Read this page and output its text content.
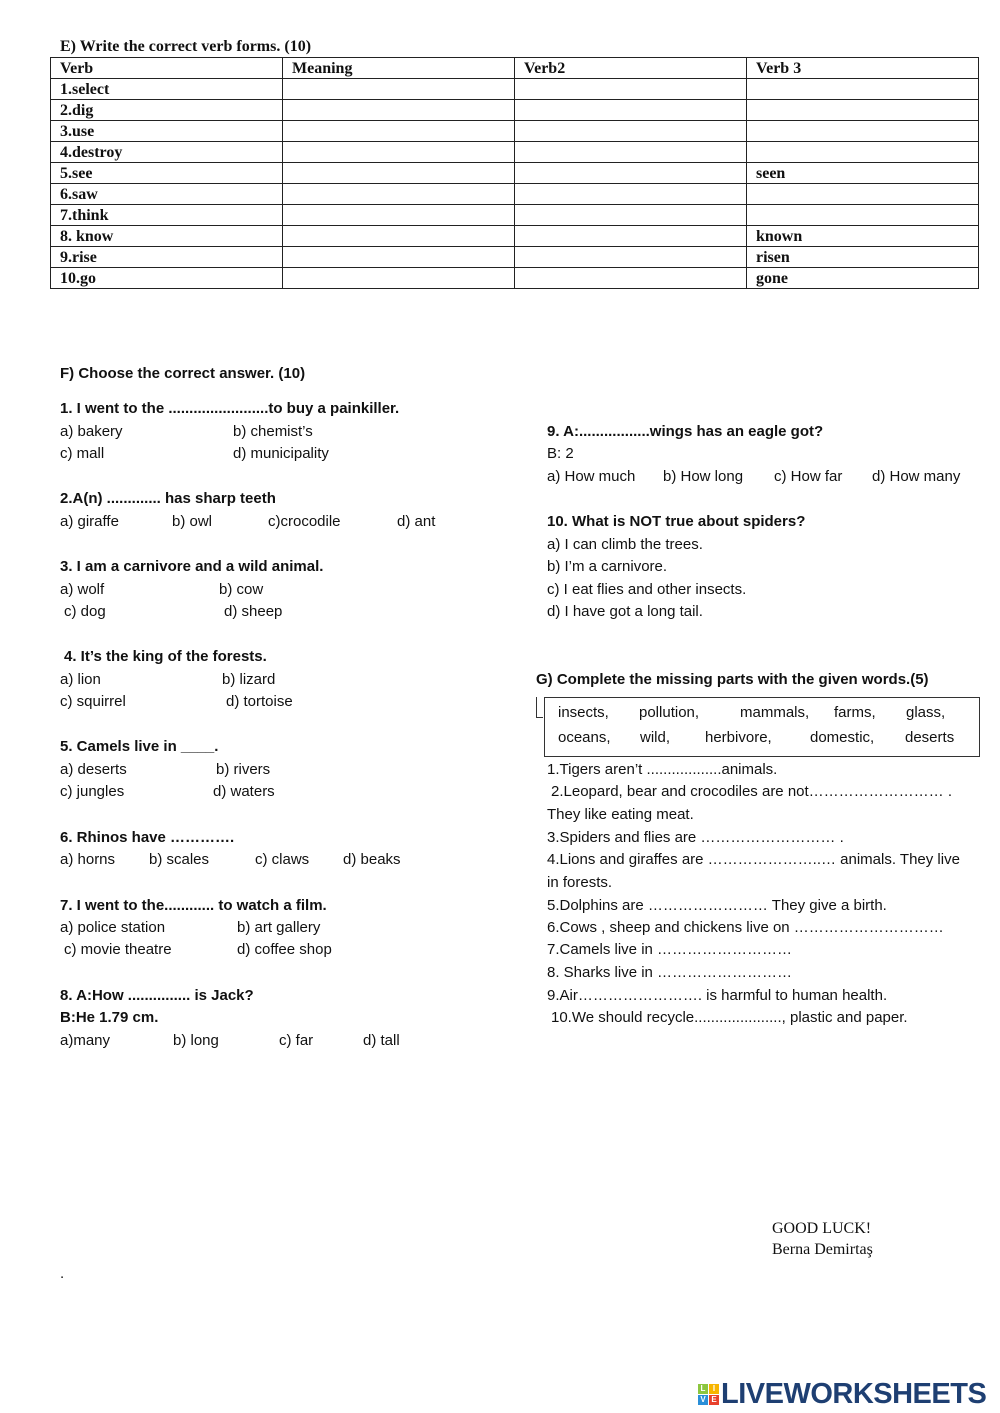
E) Write the correct verb forms. (10)
Verb	Meaning	Verb2	Verb 3
1.select			
2.dig			
3.use			
4.destroy			
5.see			seen
6.saw			
7.think			
8. know			known
9.rise			risen
10.go			gone
GOOD LUCK!
Berna Demirtaş
.
L I
V E LIVEWORKSHEETS
F) Choose the correct answer. (10)
1. I went to the ........................to buy a painkiller.
a) bakery	b) chemist’s
c) mall	d) municipality
2.A(n) ............. has sharp teeth
a) giraffe	b) owl	c)crocodile	d) ant
3. I am a carnivore and a wild animal.
a) wolf	b) cow
c) dog	d) sheep
4. It’s the king of the forests.
a) lion	b) lizard
c) squirrel	d) tortoise
5. Camels live in ____.
a) deserts	b) rivers
c) jungles	d) waters
6. Rhinos have ………….
a) horns b) scales	c) claws d) beaks
7. I went to the............ to watch a film.
a) police station	b) art gallery
c) movie theatre	d) coffee shop
8. A:How ............... is Jack?
B:He 1.79 cm.
a)many	b) long	c) far	d) tall
9. A:.................wings has an eagle got?
B: 2
a) How much b) How long c) How far d) How many
10. What is NOT true about spiders?
a) I can climb the trees.
b) I’m a carnivore.
c) I eat flies and other insects.
d) I have got a long tail.
G) Complete the missing parts with the given words.(5)
insects, pollution,	mammals, farms, glass,
oceans, wild, herbivore,	domestic, deserts
1.Tigers aren’t ..................animals.
2.Leopard, bear and crocodiles are not……………………… .
They like eating meat.
3.Spiders and flies are ……………………… .
4.Lions and giraffes are …………………..… animals. They live
in forests.
5.Dolphins are …………………… They give a birth.
6.Cows , sheep and chickens live on …………………………
7.Camels live in ………………………
8. Sharks live in ………………………
9.Air……………………. is harmful to human health.
10.We should recycle....................., plastic and paper.
